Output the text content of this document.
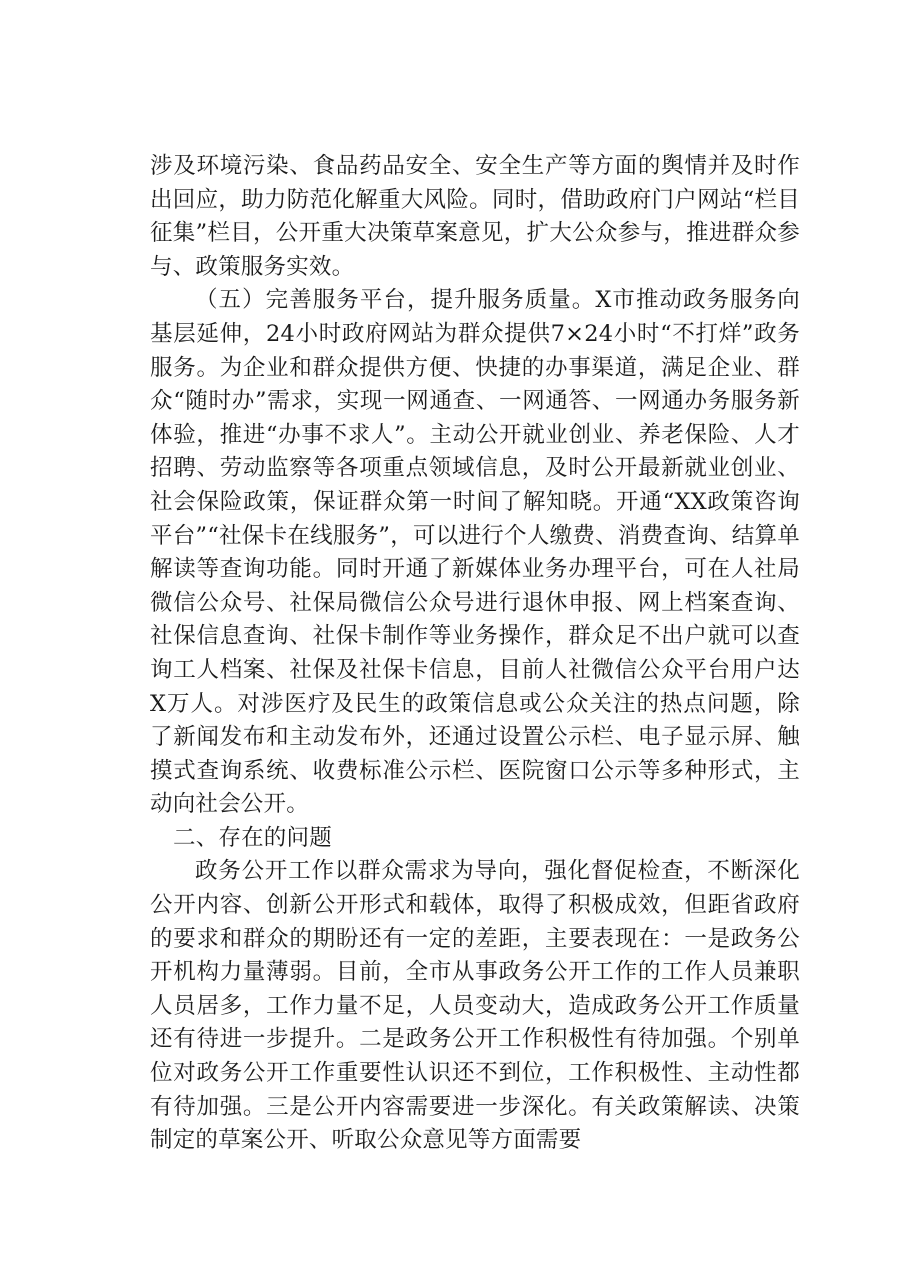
涉及环境污染、食品药品安全、安全生产等方面的舆情并及时作出回应，助力防范化解重大风险。同时，借助政府门户网站“栏目征集”栏目，公开重大决策草案意见，扩大公众参与，推进群众参与、政策服务实效。

（五）完善服务平台，提升服务质量。X市推动政务服务向基层延伸，24小时政府网站为群众提供7×24小时“不打烊”政务服务。为企业和群众提供方便、快捷的办事渠道，满足企业、群众“随时办”需求，实现一网通查、一网通答、一网通办务服务新体验，推进“办事不求人”。主动公开就业创业、养老保险、人才招聘、劳动监察等各项重点领域信息，及时公开最新就业创业、社会保险政策，保证群众第一时间了解知晓。开通“XX政策咨询平台”“社保卡在线服务”，可以进行个人缴费、消费查询、结算单解读等查询功能。同时开通了新媒体业务办理平台，可在人社局微信公众号、社保局微信公众号进行退休申报、网上档案查询、社保信息查询、社保卡制作等业务操作，群众足不出户就可以查询工人档案、社保及社保卡信息，目前人社微信公众平台用户达X万人。对涉医疗及民生的政策信息或公众关注的热点问题，除了新闻发布和主动发布外，还通过设置公示栏、电子显示屏、触摸式查询系统、收费标准公示栏、医院窗口公示等多种形式，主动向社会公开。

二、存在的问题

政务公开工作以群众需求为导向，强化督促检查，不断深化公开内容、创新公开形式和载体，取得了积极成效，但距省政府的要求和群众的期盼还有一定的差距，主要表现在：一是政务公开机构力量薄弱。目前，全市从事政务公开工作的工作人员兼职人员居多，工作力量不足，人员变动大，造成政务公开工作质量还有待进一步提升。二是政务公开工作积极性有待加强。个别单位对政务公开工作重要性认识还不到位，工作积极性、主动性都有待加强。三是公开内容需要进一步深化。有关政策解读、决策制定的草案公开、听取公众意见等方面需要
